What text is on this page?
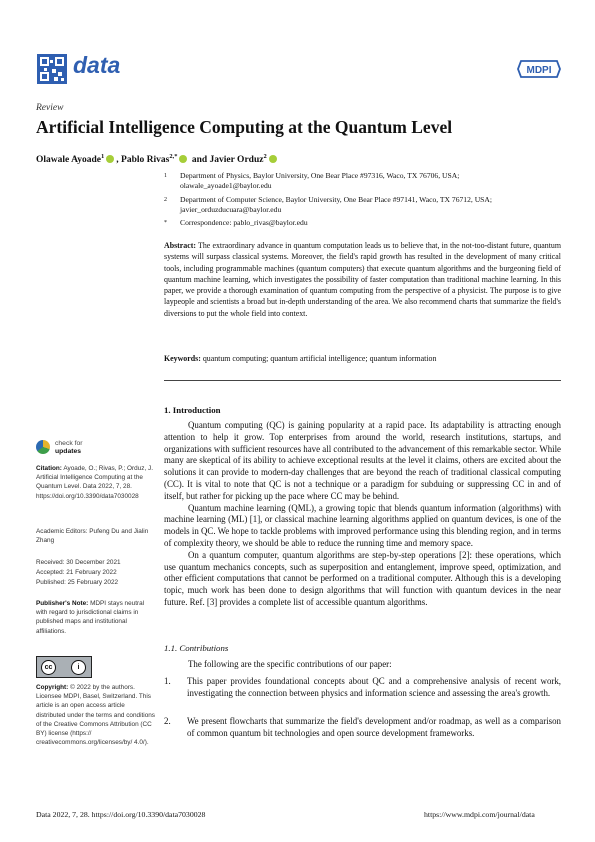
data	MDPI
Review
Artificial Intelligence Computing at the Quantum Level
Olawale Ayoade$^1$ , Pablo Rivas$^{2,*}$ and Javier Orduz$^2$
1 Department of Physics, Baylor University, One Bear Place #97316, Waco, TX 76706, USA;
olawale_ayoade1@baylor.edu
2 Department of Computer Science, Baylor University, One Bear Place #97141, Waco, TX 76712, USA;
javier_orduzducuara@baylor.edu
* Correspondence: pablo_rivas@baylor.edu
Abstract: The extraordinary advance in quantum computation leads us to believe that, in the not-too-distant future, quantum systems will surpass classical systems. Moreover, the field's rapid growth has resulted in the development of many critical tools, including programmable machines (quantum computers) that execute quantum algorithms and the burgeoning field of quantum machine learning, which investigates the possibility of faster computation than traditional machine learning. In this paper, we provide a thorough examination of quantum computing from the perspective of a physicist. The purpose is to give laypeople and scientists a broad but in-depth understanding of the area. We also recommend charts that summarize the field's diversions to put the whole field into context.
Keywords: quantum computing; quantum artificial intelligence; quantum information
1. Introduction

Quantum computing (QC) is gaining popularity at a rapid pace. Its adaptability is attracting enough attention to help it grow. Top enterprises from around the world, research institutions, startups, and organizations with sufficient resources have all contributed to the advancement of this remarkable sector. While many are skeptical of its ability to achieve exceptional results at the level it claims, others are excited about the solutions it can provide to modern-day challenges that are beyond the reach of traditional classical computing (CC). It is vital to note that QC is not a technique or a paradigm for subduing or suppressing CC in and of itself, but rather for picking up the pace where CC may be behind.

Quantum machine learning (QML), a growing topic that blends quantum information (algorithms) with machine learning (ML) [1], or classical machine learning algorithms applied on quantum devices, is one of the models in QC. We hope to tackle problems with improved performance using this blending region, and in terms of complexity theory, we should be able to reduce the running time and memory space.

On a quantum computer, quantum algorithms are step-by-step operations [2]: these operations, which use quantum mechanics concepts, such as superposition and entanglement, improve speed, optimization, and other efficient computations that cannot be performed on a traditional computer. Although this is a developing topic, much work has been done to design algorithms that will function with quantum devices in the near future. Ref. [3] provides a complete list of accessible quantum algorithms.

1.1. Contributions

The following are the specific contributions of our paper:

1. This paper provides foundational concepts about QC and a comprehensive analysis of recent work, investigating the connection between physics and information science and assessing the area's growth.
2. We present flowcharts that summarize the field's development and/or roadmap, as well as a comparison of common quantum bit technologies and open source development frameworks.
check for
updates
Citation: Ayoade, O.; Rivas, P.; Orduz, J. Artificial Intelligence Computing at the Quantum Level. Data 2022, 7, 28. https://doi.org/10.3390/data7030028
Academic Editors: Pufeng Du and Jialin Zhang
Received: 30 December 2021
Accepted: 21 February 2022
Published: 25 February 2022
Publisher's Note: MDPI stays neutral with regard to jurisdictional claims in published maps and institutional affiliations.
cc	i
Copyright: © 2022 by the authors. Licensee MDPI, Basel, Switzerland. This article is an open access article distributed under the terms and conditions of the Creative Commons Attribution (CC BY) license (https:// creativecommons.org/licenses/by/ 4.0/).
Data 2022, 7, 28. https://doi.org/10.3390/data7030028	https://www.mdpi.com/journal/data
